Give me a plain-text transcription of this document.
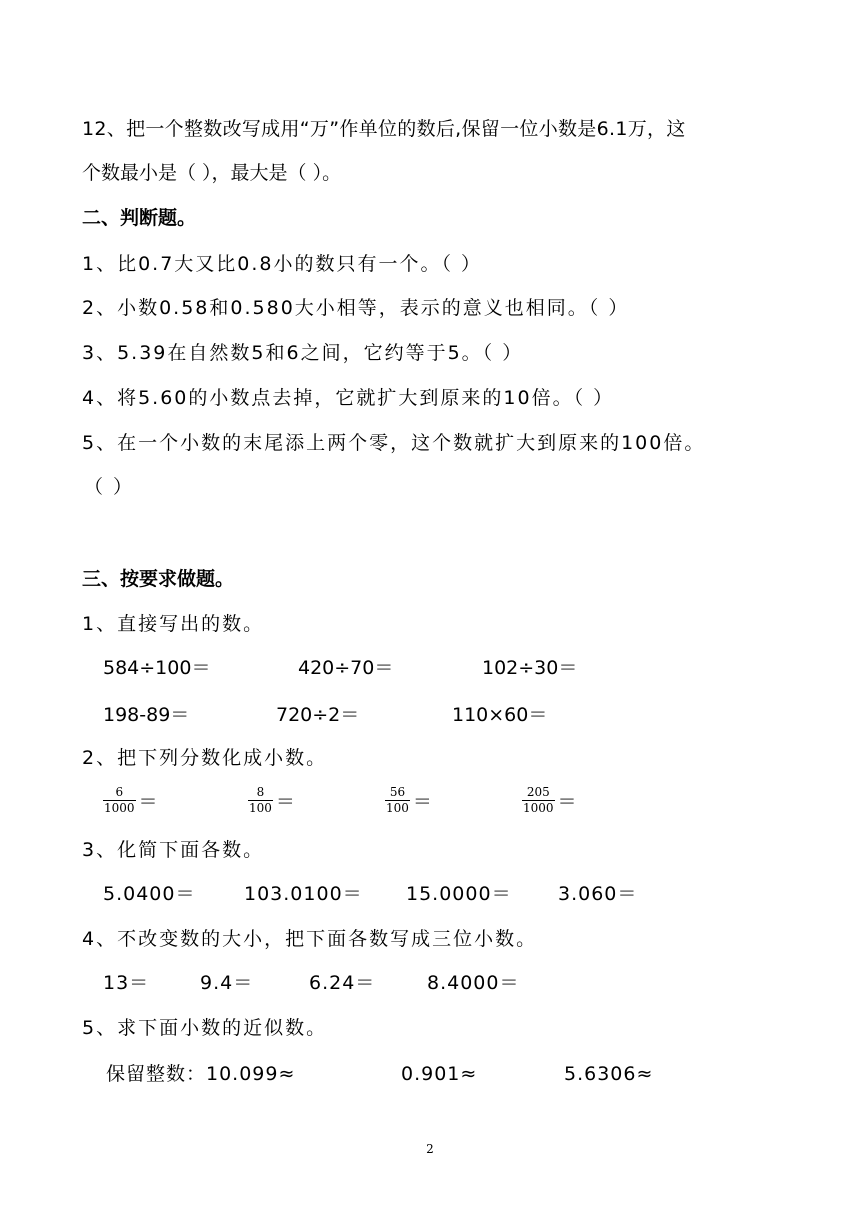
12、把一个整数改写成用“万”作单位的数后,保留一位小数是6.1万，这
个数最小是（ ），最大是（ ）。
二、判断题。
1、比0.7大又比0.8小的数只有一个。（ ）
2、小数0.58和0.580大小相等，表示的意义也相同。（ ）
3、5.39在自然数5和6之间，它约等于5。（ ）
4、将5.60的小数点去掉，它就扩大到原来的10倍。（ ）
5、在一个小数的末尾添上两个零，这个数就扩大到原来的100倍。
（ ）
三、按要求做题。
1、直接写出的数。
584÷100＝	420÷70＝	102÷30＝
198-89＝	720÷2＝	110×60＝
2、把下列分数化成小数。
6
1000 ＝	8
100 ＝	56
100 ＝	205
1000 ＝
3、化简下面各数。
5.0400＝	103.0100＝ 15.0000＝ 3.060＝
4、不改变数的大小，把下面各数写成三位小数。
13＝	9.4＝	6.24＝	8.4000＝
5、求下面小数的近似数。
保留整数：10.099≈	0.901≈	5.6306≈
2
